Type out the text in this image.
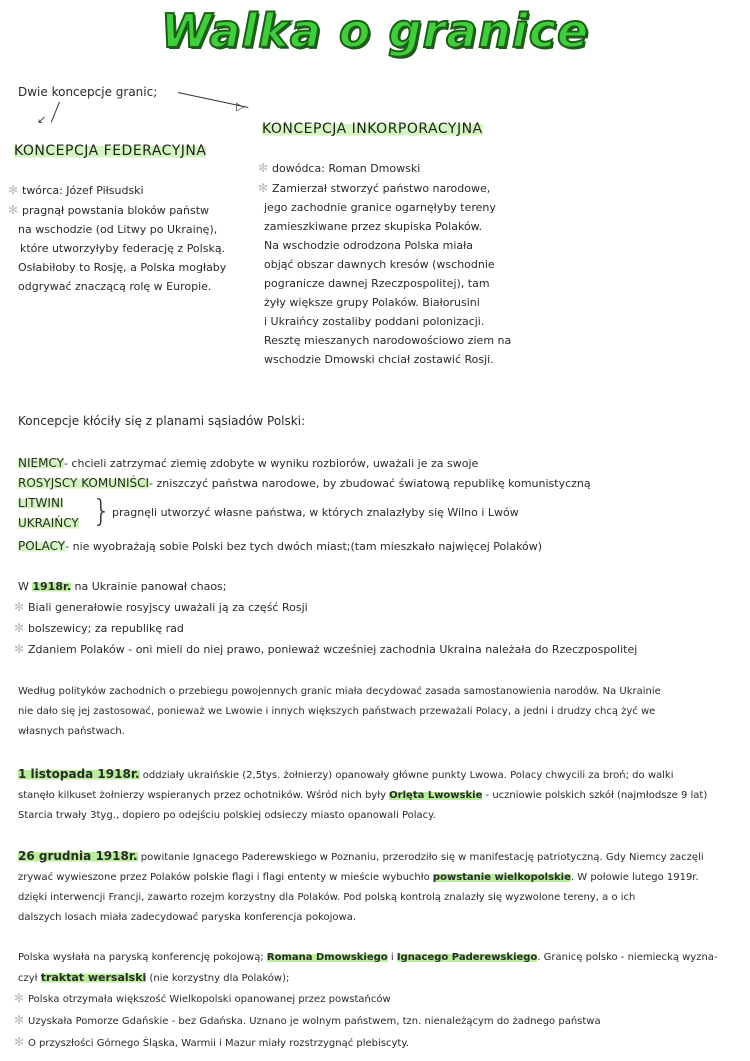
Walka o granice
Dwie koncepcje granic;
▷
↙
KONCEPCJA FEDERACYJNA
✻ twórca: Józef Piłsudski
✻ pragnął powstania bloków państw
na wschodzie (od Litwy po Ukrainę),
które utworzyłyby federację z Polską.
Osłabiłoby to Rosję, a Polska mogłaby
odgrywać znaczącą rolę w Europie.
KONCEPCJA INKORPORACYJNA
✻ dowódca: Roman Dmowski
✻ Zamierzał stworzyć państwo narodowe,
jego zachodnie granice ogarnęłyby tereny
zamieszkiwane przez skupiska Polaków.
Na wschodzie odrodzona Polska miała
objąć obszar dawnych kresów (wschodnie
pogranicze dawnej Rzeczpospolitej), tam
żyły większe grupy Polaków. Białorusini
i Ukraińcy zostaliby poddani polonizacji.
Resztę mieszanych narodowościowo ziem na
wschodzie Dmowski chciał zostawić Rosji.
Koncepcje kłóciły się z planami sąsiadów Polski:
NIEMCY- chcieli zatrzymać ziemię zdobyte w wyniku rozbiorów, uważali je za swoje
ROSYJSCY KOMUNIŚCI- zniszczyć państwa narodowe, by zbudować światową republikę komunistyczną
LITWINI
UKRAIŃCY } pragnęli utworzyć własne państwa, w których znalazłyby się Wilno i Lwów
POLACY- nie wyobrażają sobie Polski bez tych dwóch miast;(tam mieszkało najwięcej Polaków)
W 1918r. na Ukrainie panował chaos;
✻ Biali generałowie rosyjscy uważali ją za część Rosji
✻ bolszewicy; za republikę rad
✻ Zdaniem Polaków - oni mieli do niej prawo, ponieważ wcześniej zachodnia Ukraina należała do Rzeczpospolitej
Według polityków zachodnich o przebiegu powojennych granic miała decydować zasada samostanowienia narodów. Na Ukrainie
nie dało się jej zastosować, ponieważ we Lwowie i innych większych państwach przeważali Polacy, a jedni i drudzy chcą żyć we
własnych państwach.
1 listopada 1918r. oddziały ukraińskie (2,5tys. żołnierzy) opanowały główne punkty Lwowa. Polacy chwycili za broń; do walki
stanęło kilkuset żołnierzy wspieranych przez ochotników. Wśród nich były Orlęta Lwowskie - uczniowie polskich szkół (najmłodsze 9 lat)
Starcia trwały 3tyg., dopiero po odejściu polskiej odsieczy miasto opanowali Polacy.
26 grudnia 1918r. powitanie Ignacego Paderewskiego w Poznaniu, przerodziło się w manifestację patriotyczną. Gdy Niemcy zaczęli
zrywać wywieszone przez Polaków polskie flagi i flagi ententy w mieście wybuchło powstanie wielkopolskie. W połowie lutego 1919r.
dzięki interwencji Francji, zawarto rozejm korzystny dla Polaków. Pod polską kontrolą znalazły się wyzwolone tereny, a o ich
dalszych losach miała zadecydować paryska konferencja pokojowa.
Polska wysłała na paryską konferencję pokojową; Romana Dmowskiego i Ignacego Paderewskiego. Granicę polsko - niemiecką wyzna-
czył traktat wersalski (nie korzystny dla Polaków);
✻ Polska otrzymała większość Wielkopolski opanowanej przez powstańców
✻ Uzyskała Pomorze Gdańskie - bez Gdańska. Uznano je wolnym państwem, tzn. nienależącym do żadnego państwa
✻ O przyszłości Górnego Śląska, Warmii i Mazur miały rozstrzygnąć plebiscyty.
